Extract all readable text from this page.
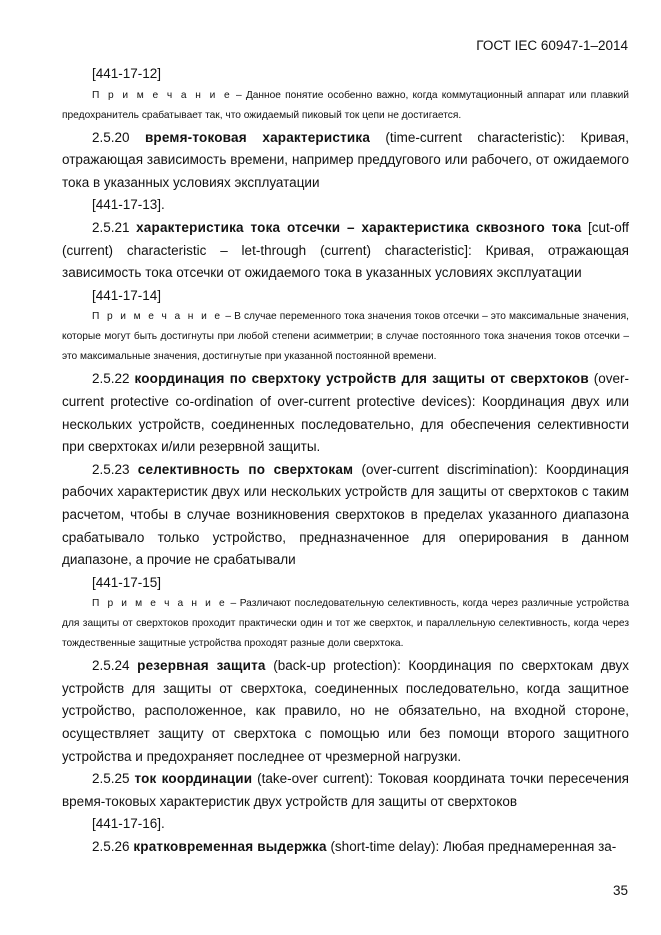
ГОСТ IEC 60947-1–2014

[441-17-12]

П р и м е ч а н и е – Данное понятие особенно важно, когда коммутационный аппарат или плавкий предохранитель срабатывает так, что ожидаемый пиковый ток цепи не достигается.

2.5.20 время-токовая характеристика (time-current characteristic): Кривая, отражающая зависимость времени, например преддугового или рабочего, от ожидаемого тока в указанных условиях эксплуатации

[441-17-13].

2.5.21 характеристика тока отсечки – характеристика сквозного тока [cut-off (current) characteristic – let-through (current) characteristic]: Кривая, отражающая зависимость тока отсечки от ожидаемого тока в указанных условиях эксплуатации

[441-17-14]

П р и м е ч а н и е – В случае переменного тока значения токов отсечки – это максимальные значения, которые могут быть достигнуты при любой степени асимметрии; в случае постоянного тока значения токов отсечки – это максимальные значения, достигнутые при указанной постоянной времени.

2.5.22 координация по сверхтоку устройств для защиты от сверхтоков (over-current protective co-ordination of over-current protective devices): Координация двух или нескольких устройств, соединенных последовательно, для обеспечения селективности при сверхтоках и/или резервной защиты.

2.5.23 селективность по сверхтокам (over-current discrimination): Координация рабочих характеристик двух или нескольких устройств для защиты от сверхтоков с таким расчетом, чтобы в случае возникновения сверхтоков в пределах указанного диапазона срабатывало только устройство, предназначенное для оперирования в данном диапазоне, а прочие не срабатывали

[441-17-15]

П р и м е ч а н и е – Различают последовательную селективность, когда через различные устройства для защиты от сверхтоков проходит практически один и тот же сверхток, и параллельную селективность, когда через тождественные защитные устройства проходят разные доли сверхтока.

2.5.24 резервная защита (back-up protection): Координация по сверхтокам двух устройств для защиты от сверхтока, соединенных последовательно, когда защитное устройство, расположенное, как правило, но не обязательно, на входной стороне, осуществляет защиту от сверхтока с помощью или без помощи второго защитного устройства и предохраняет последнее от чрезмерной нагрузки.

2.5.25 ток координации (take-over current): Токовая координата точки пересечения время-токовых характеристик двух устройств для защиты от сверхтоков

[441-17-16].

2.5.26 кратковременная выдержка (short-time delay): Любая преднамеренная за-

35
